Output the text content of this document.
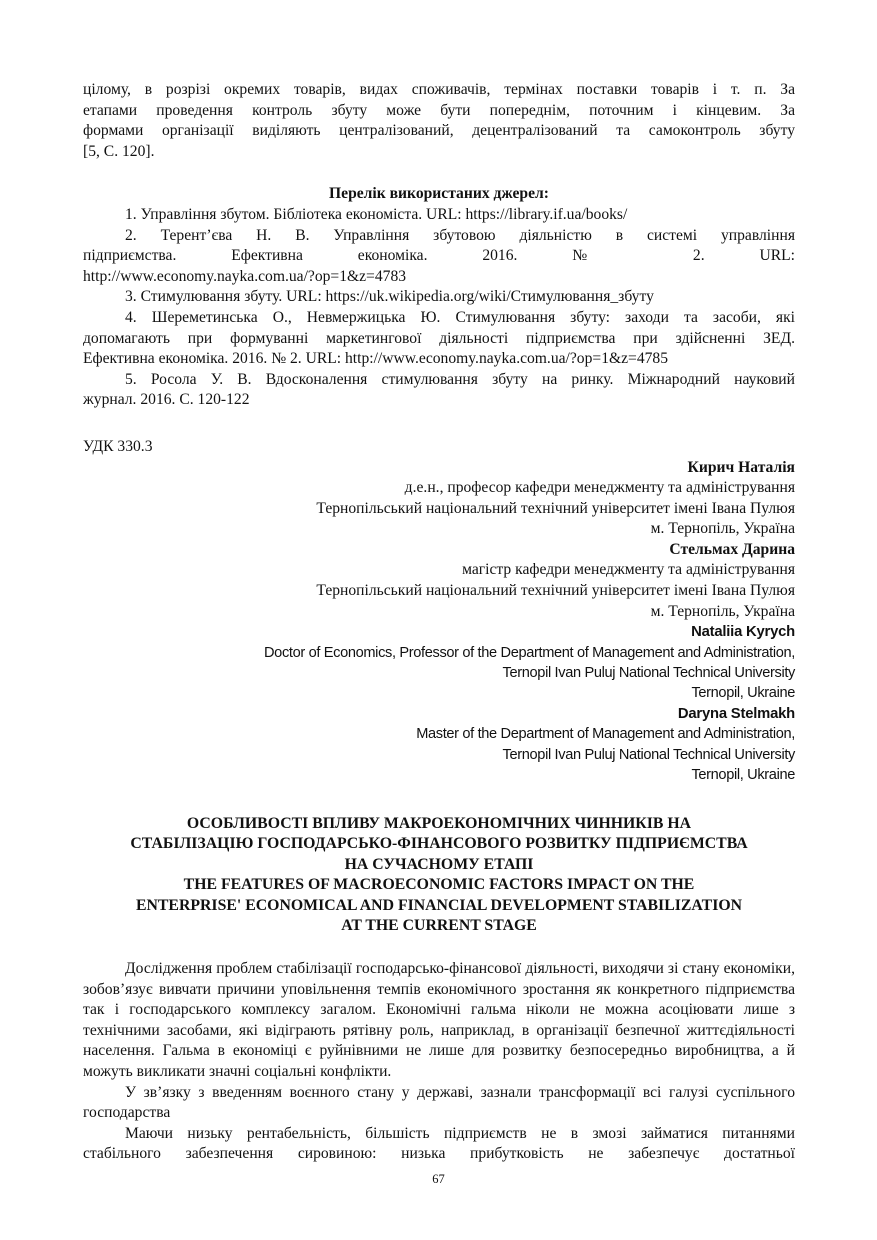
цілому, в розрізі окремих товарів, видах споживачів, термінах поставки товарів і т. п. За

етапами проведення контроль збуту може бути попереднім, поточним і кінцевим. За

формами організації виділяють централізований, децентралізований та самоконтроль збуту

[5, С. 120].

Перелік використаних джерел:

1. Управління збутом. Бібліотека економіста. URL: https://library.if.ua/books/

2. Терент’єва Н. В. Управління збутовою діяльністю в системі управління

підприємства. Ефективна економіка. 2016. № 2. URL:

http://www.economy.nayka.com.ua/?op=1&z=4783

3. Стимулювання збуту. URL: https://uk.wikipedia.org/wiki/Стимулювання_збуту

4. Шереметинська О., Невмержицька Ю. Стимулювання збуту: заходи та засоби, які

допомагають при формуванні маркетингової діяльності підприємства при здійсненні ЗЕД.

Ефективна економіка. 2016. № 2. URL: http://www.economy.nayka.com.ua/?op=1&z=4785

5. Росола У. В. Вдосконалення стимулювання збуту на ринку. Міжнародний науковий

журнал. 2016. С. 120-122

УДК 330.3

Кирич Наталія

д.е.н., професор кафедри менеджменту та адміністрування

Тернопільський національний технічний університет імені Івана Пулюя

м. Тернопіль, Україна

Стельмах Дарина

магістр кафедри менеджменту та адміністрування

Тернопільський національний технічний університет імені Івана Пулюя

м. Тернопіль, Україна

Nataliia Kyrych

Doctor of Economics, Professor of the Department of Management and Administration,

Ternopil Ivan Puluj National Technical University

Ternopil, Ukraine

Daryna Stelmakh

Master of the Department of Management and Administration,

Ternopil Ivan Puluj National Technical University

Ternopil, Ukraine

ОСОБЛИВОСТІ ВПЛИВУ МАКРОЕКОНОМІЧНИХ ЧИННИКІВ НА

СТАБІЛІЗАЦІЮ ГОСПОДАРСЬКО-ФІНАНСОВОГО РОЗВИТКУ ПІДПРИЄМСТВА

НА СУЧАСНОМУ ЕТАПІ

THE FEATURES OF MACROECONOMIC FACTORS IMPACT ON THE

ENTERPRISE' ECONOMICAL AND FINANCIAL DEVELOPMENT STABILIZATION

AT THE CURRENT STAGE

Дослідження проблем стабілізації господарсько-фінансової діяльності, виходячи зі стану економіки, зобов’язує вивчати причини уповільнення темпів економічного зростання як конкретного підприємства так і господарського комплексу загалом. Економічні гальма ніколи не можна асоціювати лише з технічними засобами, які відіграють рятівну роль, наприклад, в організації безпечної життєдіяльності населення. Гальма в економіці є руйнівними не лише для розвитку безпосередньо виробництва, а й можуть викликати значні соціальні конфлікти.

У зв’язку з введенням воєнного стану у державі, зазнали трансформації всі галузі суспільного господарства

Маючи низьку рентабельність, більшість підприємств не в змозі займатися питаннями

стабільного забезпечення сировиною: низька прибутковість не забезпечує достатньої

67
